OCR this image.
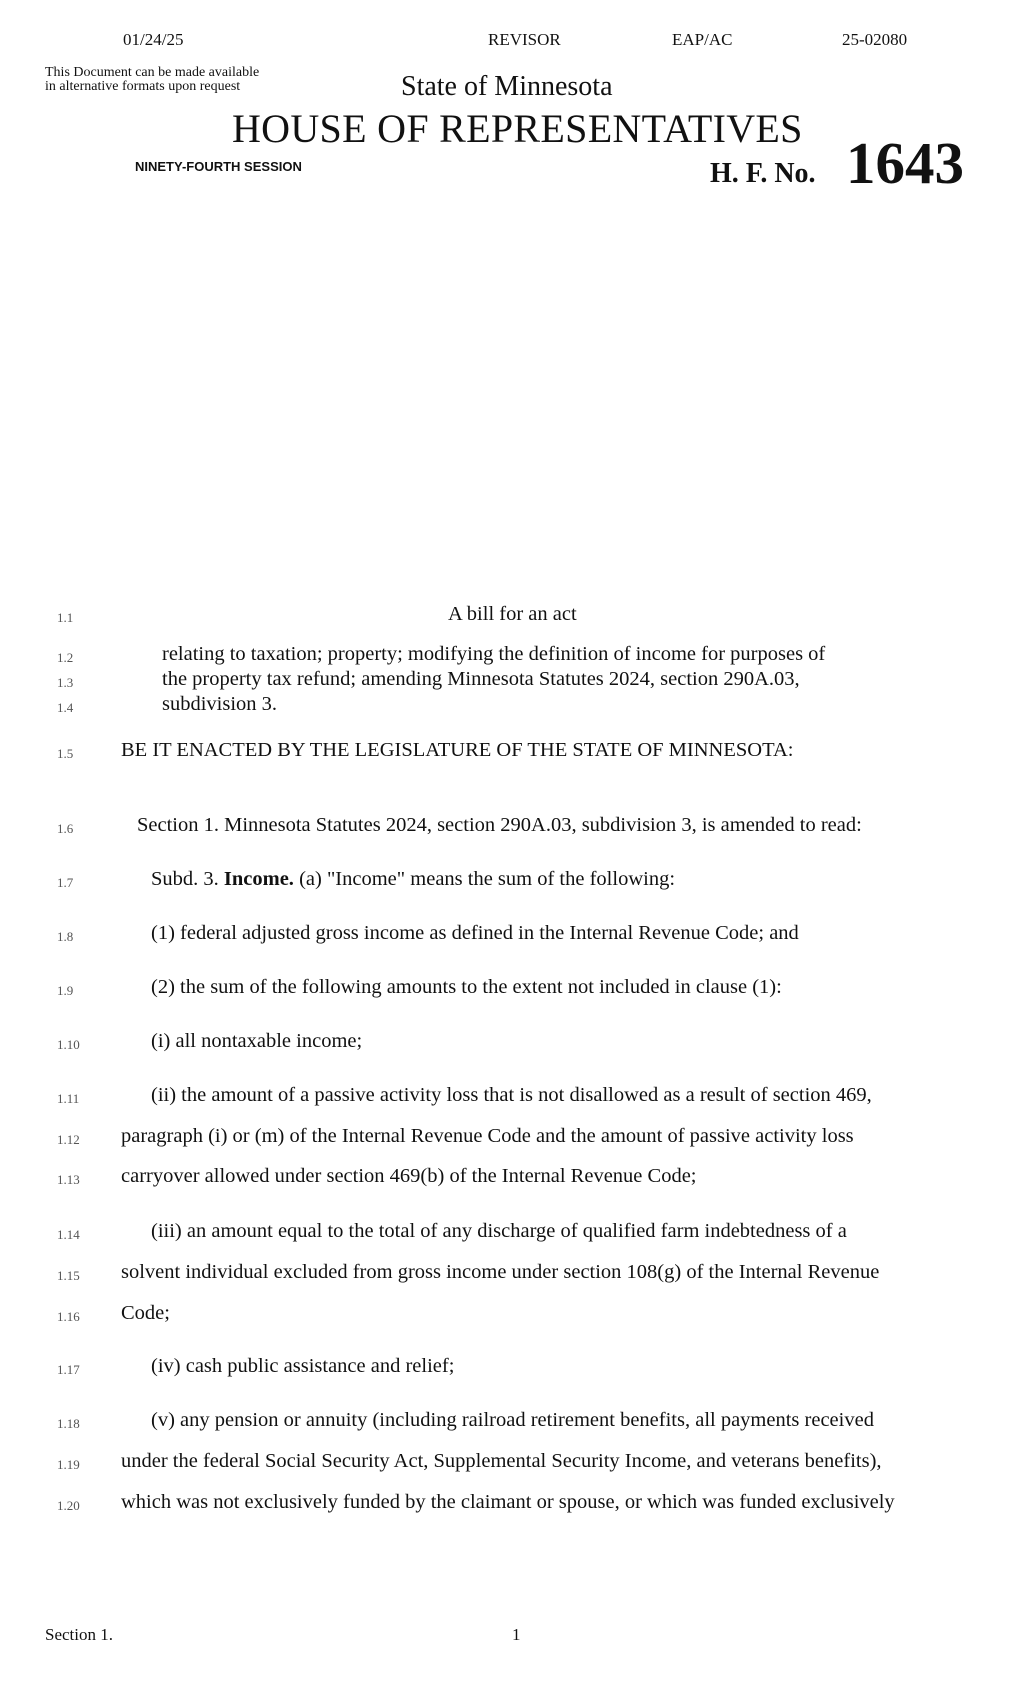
01/24/25	REVISOR	EAP/AC	25-02080
This Document can be made available
in alternative formats upon request	State of Minnesota
HOUSE OF REPRESENTATIVES
NINETY-FOURTH SESSION	H. F. No. 1643
1.1	A bill for an act
1.2	relating to taxation; property; modifying the definition of income for purposes of
1.3	the property tax refund; amending Minnesota Statutes 2024, section 290A.03,
1.4	subdivision 3.
1.5 BE IT ENACTED BY THE LEGISLATURE OF THE STATE OF MINNESOTA:
1.6	Section 1. Minnesota Statutes 2024, section 290A.03, subdivision 3, is amended to read:
1.7	Subd. 3. Income. (a) "Income" means the sum of the following:
1.8	(1) federal adjusted gross income as defined in the Internal Revenue Code; and
1.9	(2) the sum of the following amounts to the extent not included in clause (1):
1.10	(i) all nontaxable income;
1.11	(ii) the amount of a passive activity loss that is not disallowed as a result of section 469,
1.12 paragraph (i) or (m) of the Internal Revenue Code and the amount of passive activity loss
1.13 carryover allowed under section 469(b) of the Internal Revenue Code;
1.14	(iii) an amount equal to the total of any discharge of qualified farm indebtedness of a
1.15 solvent individual excluded from gross income under section 108(g) of the Internal Revenue
1.16 Code;
1.17	(iv) cash public assistance and relief;
1.18	(v) any pension or annuity (including railroad retirement benefits, all payments received
1.19 under the federal Social Security Act, Supplemental Security Income, and veterans benefits),
1.20 which was not exclusively funded by the claimant or spouse, or which was funded exclusively
Section 1.	1
